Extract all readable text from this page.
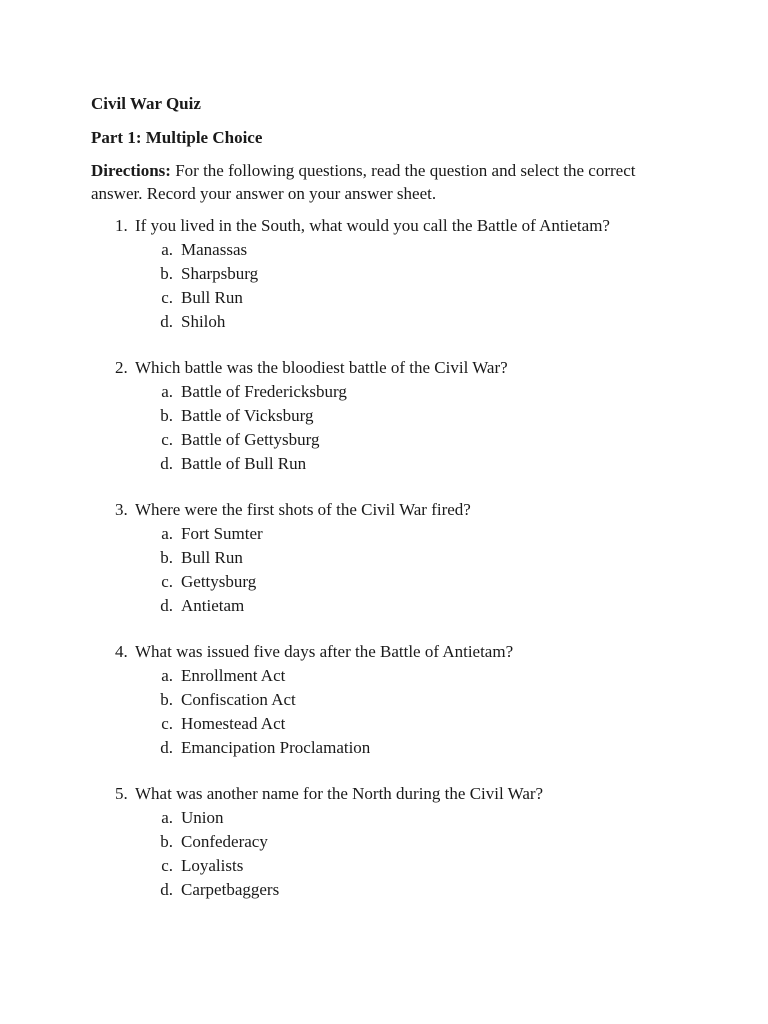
Civil War Quiz
Part 1: Multiple Choice
Directions: For the following questions, read the question and select the correct answer. Record your answer on your answer sheet.
1. If you lived in the South, what would you call the Battle of Antietam?
a. Manassas
b. Sharpsburg
c. Bull Run
d. Shiloh
2. Which battle was the bloodiest battle of the Civil War?
a. Battle of Fredericksburg
b. Battle of Vicksburg
c. Battle of Gettysburg
d. Battle of Bull Run
3. Where were the first shots of the Civil War fired?
a. Fort Sumter
b. Bull Run
c. Gettysburg
d. Antietam
4. What was issued five days after the Battle of Antietam?
a. Enrollment Act
b. Confiscation Act
c. Homestead Act
d. Emancipation Proclamation
5. What was another name for the North during the Civil War?
a. Union
b. Confederacy
c. Loyalists
d. Carpetbaggers
